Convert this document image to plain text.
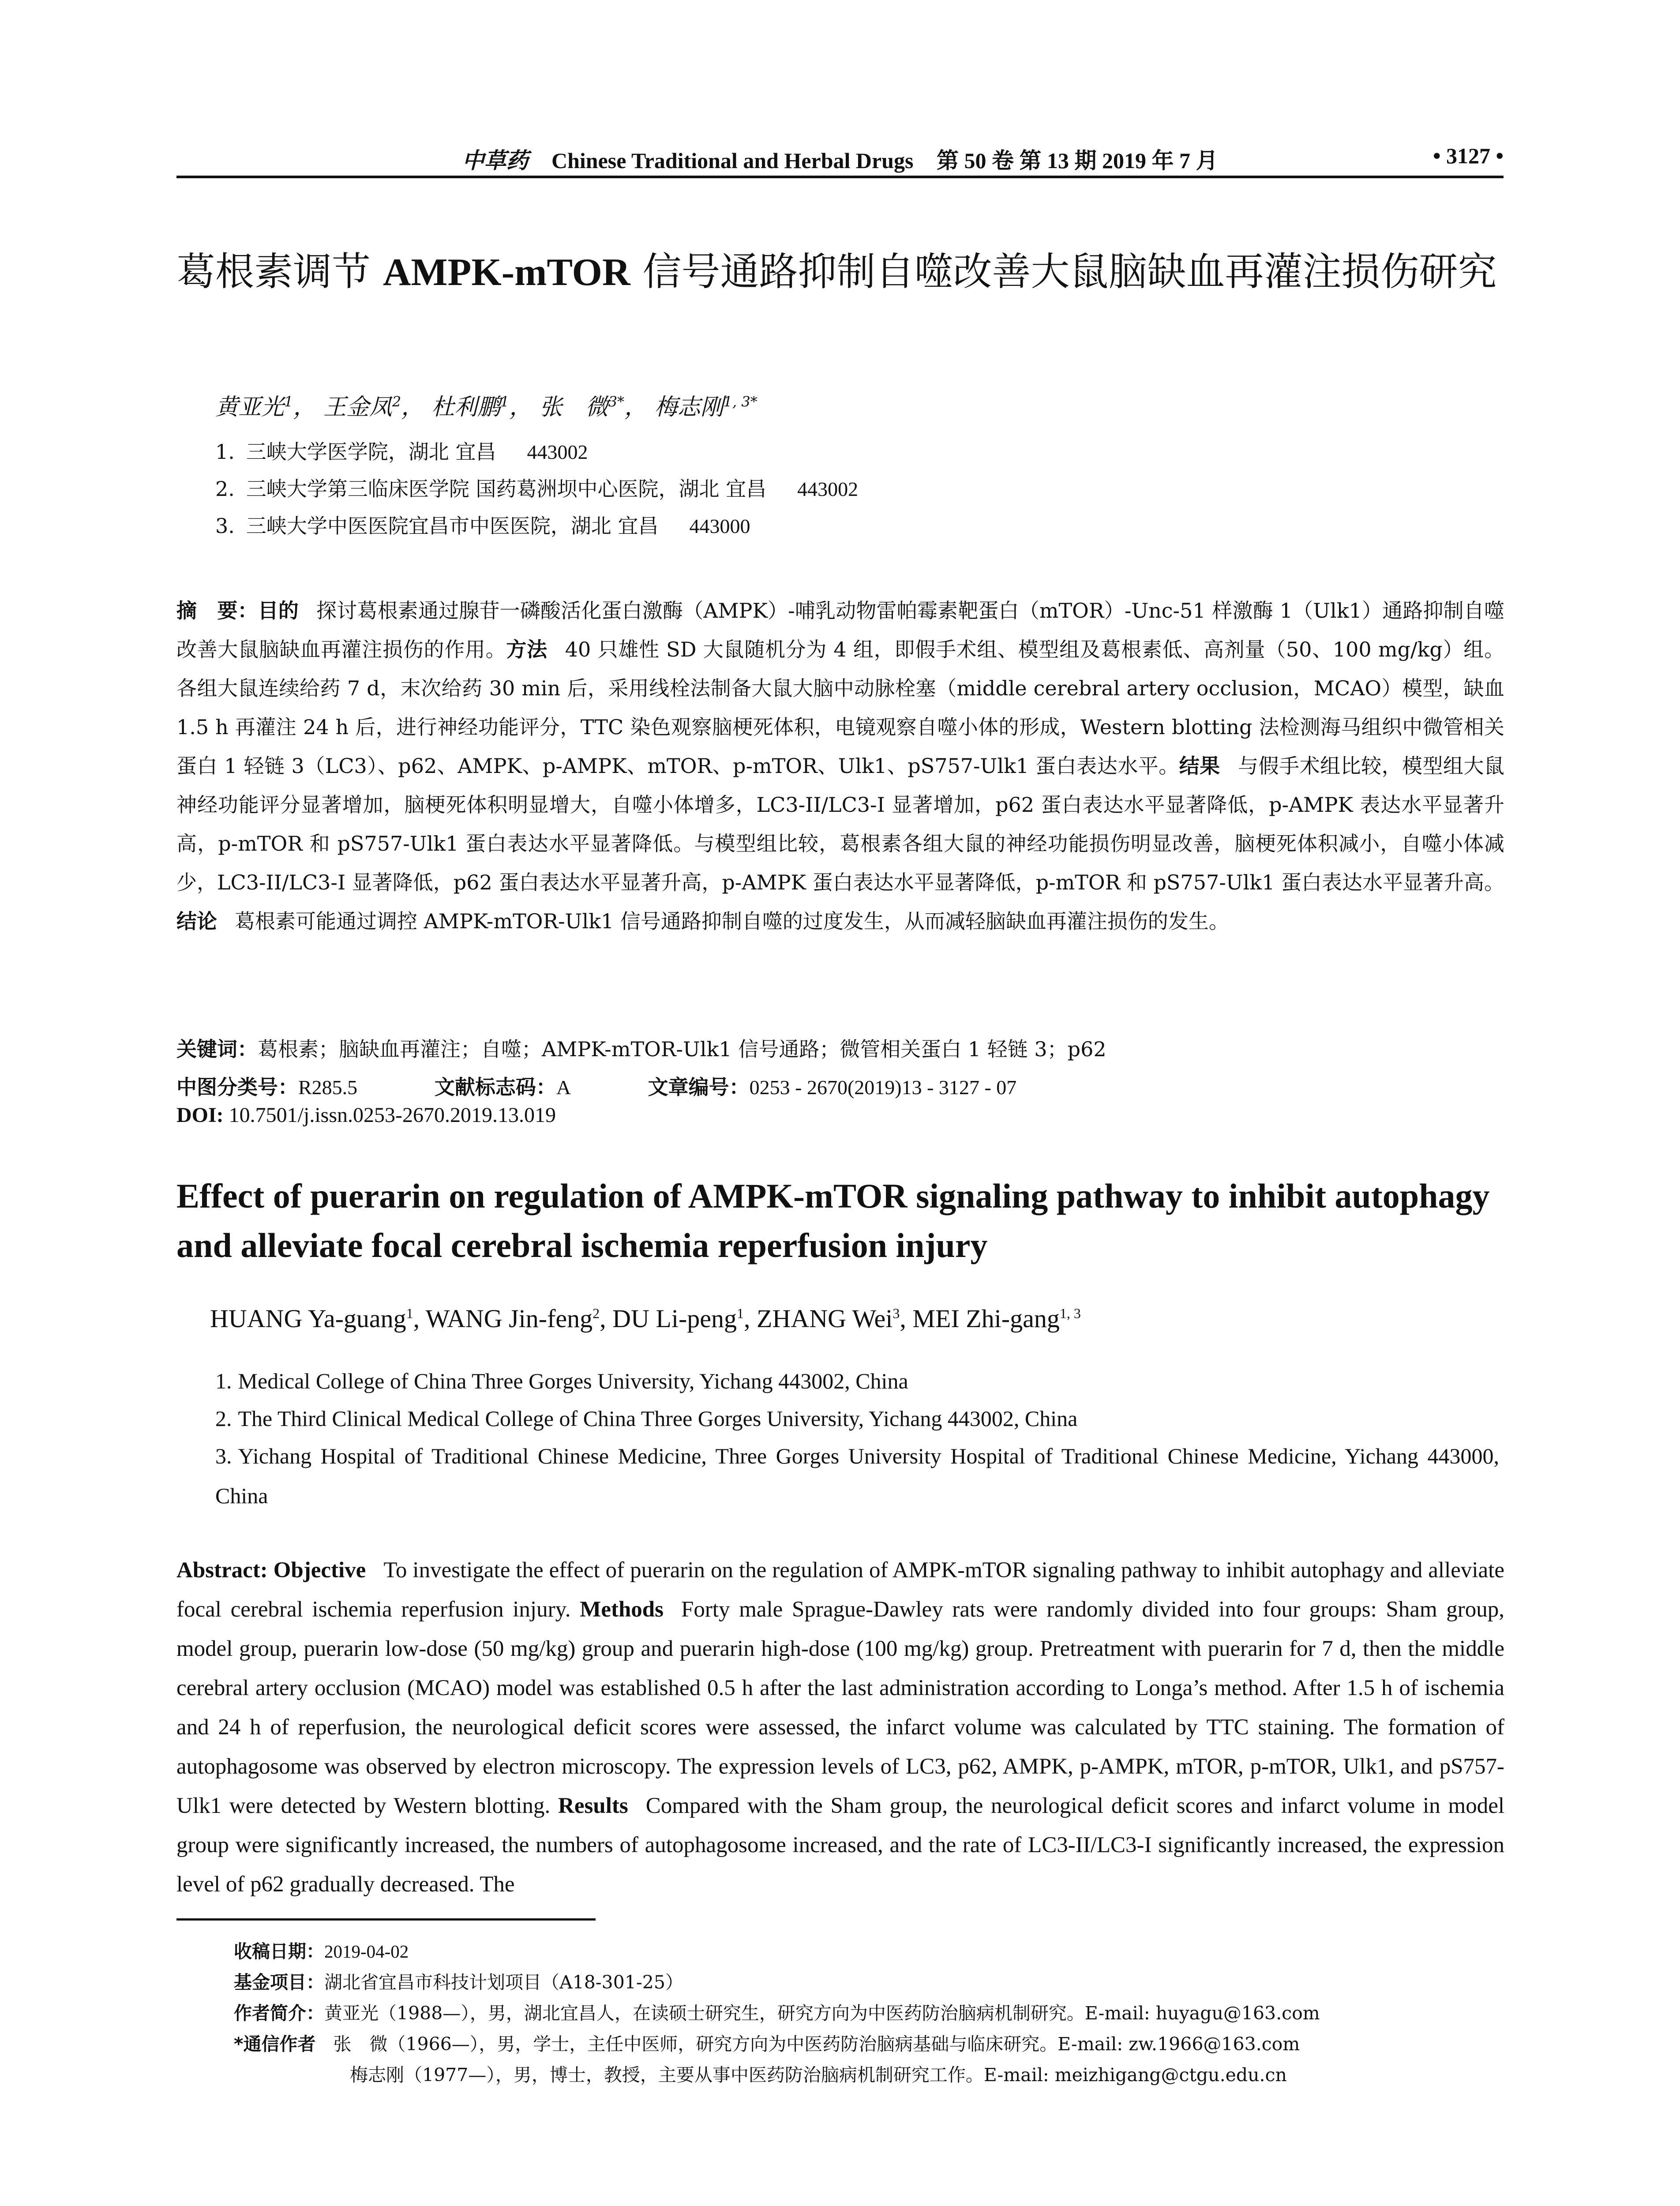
中草药 Chinese Traditional and Herbal Drugs 第 50 卷 第 13 期 2019 年 7 月	• 3127 •
葛根素调节 AMPK-mTOR 信号通路抑制自噬改善大鼠脑缺血再灌注损伤研究
黄亚光$^1$， 王金凤$^2$， 杜利鹏$^1$， 张　微$^{3*}$， 梅志刚$^{1, 3*}$
1. 三峡大学医学院，湖北 宜昌 443002
2. 三峡大学第三临床医学院 国药葛洲坝中心医院，湖北 宜昌 443002
3. 三峡大学中医医院宜昌市中医医院，湖北 宜昌 443000
摘　要：目的 探讨葛根素通过腺苷一磷酸活化蛋白激酶（AMPK）-哺乳动物雷帕霉素靶蛋白（mTOR）-Unc-51 样激酶 1（Ulk1）通路抑制自噬改善大鼠脑缺血再灌注损伤的作用。方法 40 只雄性 SD 大鼠随机分为 4 组，即假手术组、模型组及葛根素低、高剂量（50、100 mg/kg）组。各组大鼠连续给药 7 d，末次给药 30 min 后，采用线栓法制备大鼠大脑中动脉栓塞（middle cerebral artery occlusion，MCAO）模型，缺血 1.5 h 再灌注 24 h 后，进行神经功能评分，TTC 染色观察脑梗死体积，电镜观察自噬小体的形成，Western blotting 法检测海马组织中微管相关蛋白 1 轻链 3（LC3）、p62、AMPK、p-AMPK、mTOR、p-mTOR、Ulk1、pS757-Ulk1 蛋白表达水平。结果 与假手术组比较，模型组大鼠神经功能评分显著增加，脑梗死体积明显增大，自噬小体增多，LC3-II/LC3-I 显著增加，p62 蛋白表达水平显著降低，p-AMPK 表达水平显著升高，p-mTOR 和 pS757-Ulk1 蛋白表达水平显著降低。与模型组比较，葛根素各组大鼠的神经功能损伤明显改善，脑梗死体积减小，自噬小体减少，LC3-II/LC3-I 显著降低，p62 蛋白表达水平显著升高，p-AMPK 蛋白表达水平显著降低，p-mTOR 和 pS757-Ulk1 蛋白表达水平显著升高。结论 葛根素可能通过调控 AMPK-mTOR-Ulk1 信号通路抑制自噬的过度发生，从而减轻脑缺血再灌注损伤的发生。
关键词：葛根素；脑缺血再灌注；自噬；AMPK-mTOR-Ulk1 信号通路；微管相关蛋白 1 轻链 3；p62
中图分类号：R285.5	文献标志码：A	文章编号：0253 - 2670(2019)13 - 3127 - 07
DOI: 10.7501/j.issn.0253-2670.2019.13.019
Effect of puerarin on regulation of AMPK-mTOR signaling pathway to inhibit autophagy and alleviate focal cerebral ischemia reperfusion injury
HUANG Ya-guang$^1$, WANG Jin-feng$^2$, DU Li-peng$^1$, ZHANG Wei$^3$, MEI Zhi-gang$^{1, 3}$
1. Medical College of China Three Gorges University, Yichang 443002, China
2. The Third Clinical Medical College of China Three Gorges University, Yichang 443002, China
3. Yichang Hospital of Traditional Chinese Medicine, Three Gorges University Hospital of Traditional Chinese Medicine, Yichang 443000, China
Abstract: Objective To investigate the effect of puerarin on the regulation of AMPK-mTOR signaling pathway to inhibit autophagy and alleviate focal cerebral ischemia reperfusion injury. Methods Forty male Sprague-Dawley rats were randomly divided into four groups: Sham group, model group, puerarin low-dose (50 mg/kg) group and puerarin high-dose (100 mg/kg) group. Pretreatment with puerarin for 7 d, then the middle cerebral artery occlusion (MCAO) model was established 0.5 h after the last administration according to Longa’s method. After 1.5 h of ischemia and 24 h of reperfusion, the neurological deficit scores were assessed, the infarct volume was calculated by TTC staining. The formation of autophagosome was observed by electron microscopy. The expression levels of LC3, p62, AMPK, p-AMPK, mTOR, p-mTOR, Ulk1, and pS757-Ulk1 were detected by Western blotting. Results Compared with the Sham group, the neurological deficit scores and infarct volume in model group were significantly increased, the numbers of autophagosome increased, and the rate of LC3-II/LC3-I significantly increased, the expression level of p62 gradually decreased. The
收稿日期：2019-04-02
基金项目：湖北省宜昌市科技计划项目（A18-301-25）
作者简介：黄亚光（1988—），男，湖北宜昌人，在读硕士研究生，研究方向为中医药防治脑病机制研究。E-mail: huyagu@163.com
*通信作者 张　微（1966—），男，学士，主任中医师，研究方向为中医药防治脑病基础与临床研究。E-mail: zw.1966@163.com
梅志刚（1977—），男，博士，教授，主要从事中医药防治脑病机制研究工作。E-mail: meizhigang@ctgu.edu.cn
